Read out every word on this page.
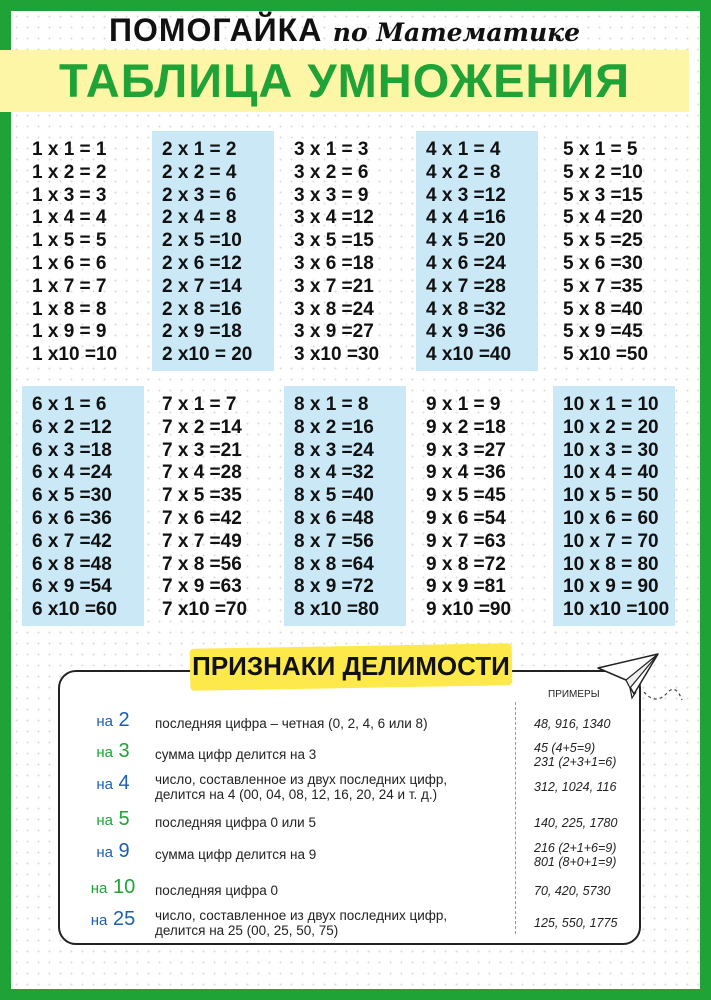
ПОМОГАЙКА по Математике
ТАБЛИЦА УМНОЖЕНИЯ
1 x 1 = 1
1 x 2 = 2
1 x 3 = 3
1 x 4 = 4
1 x 5 = 5
1 x 6 = 6
1 x 7 = 7
1 x 8 = 8
1 x 9 = 9
1 x10 =10
2 x 1 = 2
2 x 2 = 4
2 x 3 = 6
2 x 4 = 8
2 x 5 =10
2 x 6 =12
2 x 7 =14
2 x 8 =16
2 x 9 =18
2 x10 = 20
3 x 1 = 3
3 x 2 = 6
3 x 3 = 9
3 x 4 =12
3 x 5 =15
3 x 6 =18
3 x 7 =21
3 x 8 =24
3 x 9 =27
3 x10 =30
4 x 1 = 4
4 x 2 = 8
4 x 3 =12
4 x 4 =16
4 x 5 =20
4 x 6 =24
4 x 7 =28
4 x 8 =32
4 x 9 =36
4 x10 =40
5 x 1 = 5
5 x 2 =10
5 x 3 =15
5 x 4 =20
5 x 5 =25
5 x 6 =30
5 x 7 =35
5 x 8 =40
5 x 9 =45
5 x10 =50
6 x 1 = 6
6 x 2 =12
6 x 3 =18
6 x 4 =24
6 x 5 =30
6 x 6 =36
6 x 7 =42
6 x 8 =48
6 x 9 =54
6 x10 =60
7 x 1 = 7
7 x 2 =14
7 x 3 =21
7 x 4 =28
7 x 5 =35
7 x 6 =42
7 x 7 =49
7 x 8 =56
7 x 9 =63
7 x10 =70
8 x 1 = 8
8 x 2 =16
8 x 3 =24
8 x 4 =32
8 x 5 =40
8 x 6 =48
8 x 7 =56
8 x 8 =64
8 x 9 =72
8 x10 =80
9 x 1 = 9
9 x 2 =18
9 x 3 =27
9 x 4 =36
9 x 5 =45
9 x 6 =54
9 x 7 =63
9 x 8 =72
9 x 9 =81
9 x10 =90
10 x 1 = 10
10 x 2 = 20
10 x 3 = 30
10 x 4 = 40
10 x 5 = 50
10 x 6 = 60
10 x 7 = 70
10 x 8 = 80
10 x 9 = 90
10 x10 =100
ПРИЗНАКИ ДЕЛИМОСТИ
ПРИМЕРЫ
на 2	последняя цифра – четная (0, 2, 4, 6 или 8)	48, 916, 1340
на 3	сумма цифр делится на 3	45 (4+5=9)
231 (2+3+1=6)
на 4	число, составленное из двух последних цифр,
делится на 4 (00, 04, 08, 12, 16, 20, 24 и т. д.)	312, 1024, 116
на 5	последняя цифра 0 или 5	140, 225, 1780
на 9	сумма цифр делится на 9	216 (2+1+6=9)
801 (8+0+1=9)
на 10	последняя цифра 0	70, 420, 5730
на 25	число, составленное из двух последних цифр,
делится на 25 (00, 25, 50, 75)	125, 550, 1775
